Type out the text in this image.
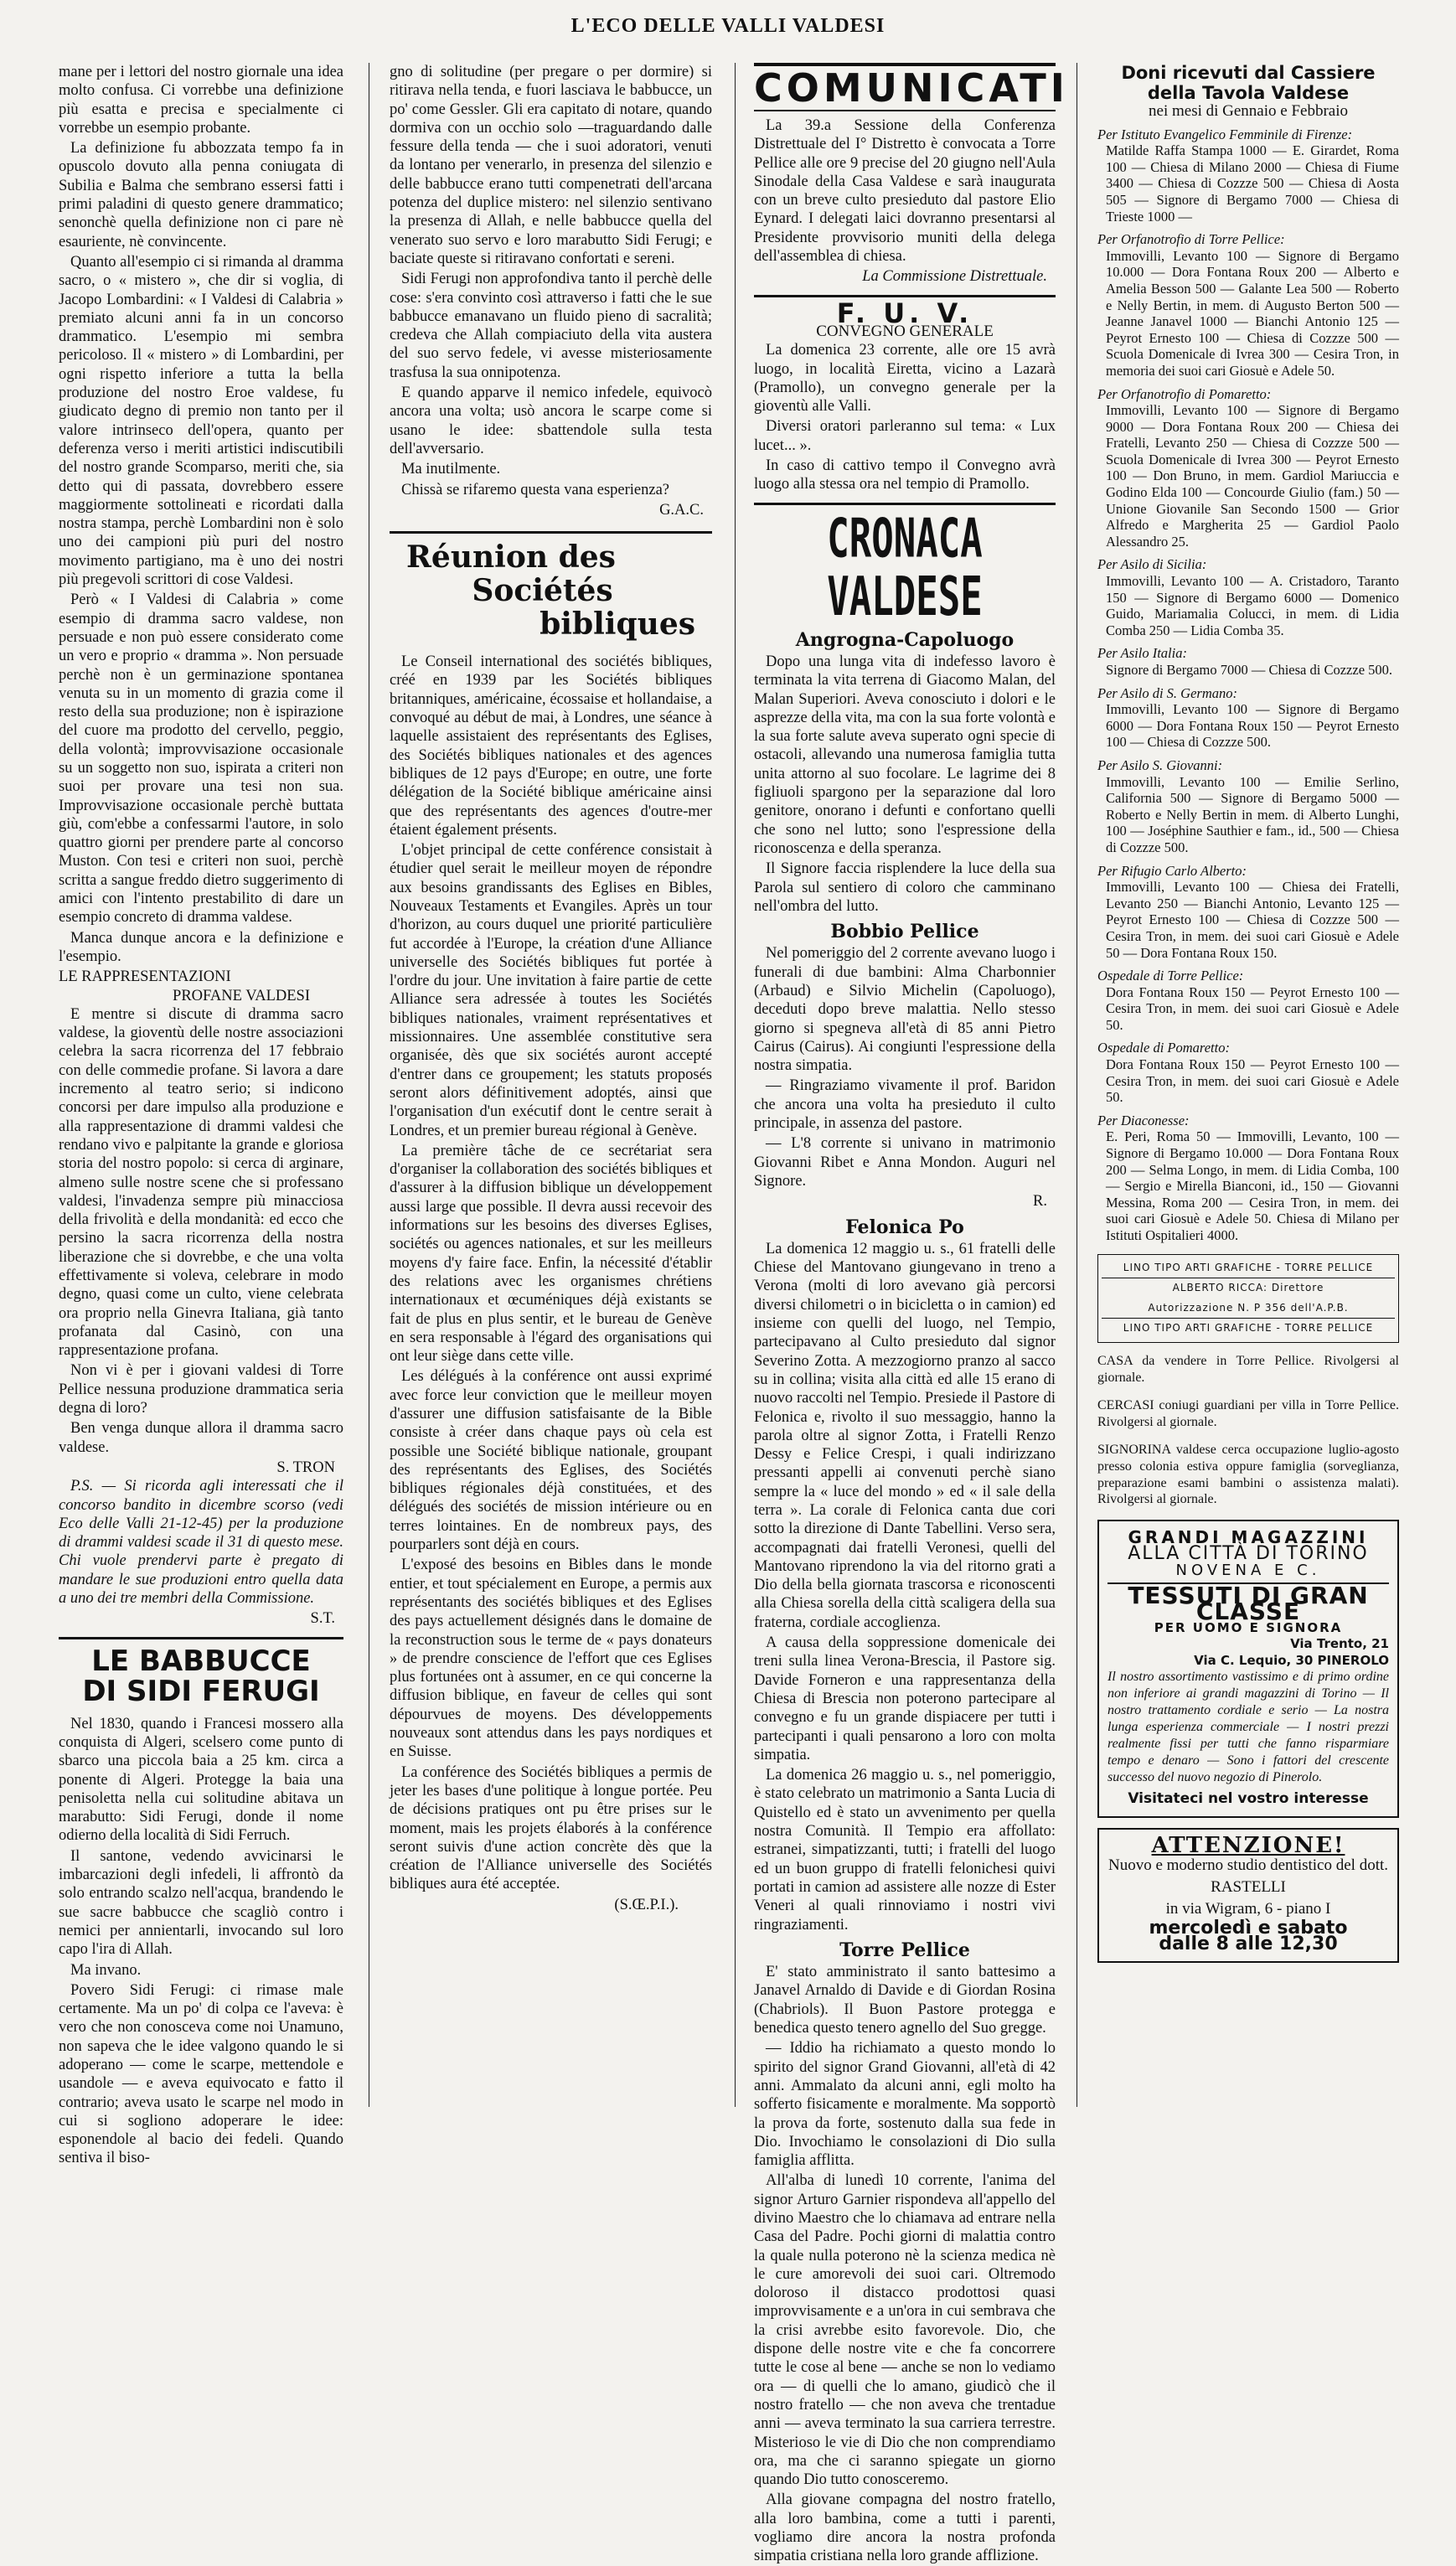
L'ECO DELLE VALLI VALDESI

mane per i lettori del nostro giornale una idea molto confusa. Ci vorrebbe una definizione più esatta e precisa e specialmente ci vorrebbe un esempio probante.

La definizione fu abbozzata tempo fa in opuscolo dovuto alla penna coniugata di Subilia e Balma che sembrano essersi fatti i primi paladini di questo genere drammatico; senonchè quella definizione non ci pare nè esauriente, nè convincente.

Quanto all'esempio ci si rimanda al dramma sacro, o « mistero », che dir si voglia, di Jacopo Lombardini: « I Valdesi di Calabria » premiato alcuni anni fa in un concorso drammatico. L'esempio mi sembra pericoloso. Il « mistero » di Lombardini, per ogni rispetto inferiore a tutta la bella produzione del nostro Eroe valdese, fu giudicato degno di premio non tanto per il valore intrinseco dell'opera, quanto per deferenza verso i meriti artistici indiscutibili del nostro grande Scomparso, meriti che, sia detto qui di passata, dovrebbero essere maggiormente sottolineati e ricordati dalla nostra stampa, perchè Lombardini non è solo uno dei campioni più puri del nostro movimento partigiano, ma è uno dei nostri più pregevoli scrittori di cose Valdesi.

Però « I Valdesi di Calabria » come esempio di dramma sacro valdese, non persuade e non può essere considerato come un vero e proprio « dramma ». Non persuade perchè non è un germinazione spontanea venuta su in un momento di grazia come il resto della sua produzione; non è ispirazione del cuore ma prodotto del cervello, peggio, della volontà; improvvisazione occasionale su un soggetto non suo, ispirata a criteri non suoi per provare una tesi non sua. Improvvisazione occasionale perchè buttata giù, com'ebbe a confessarmi l'autore, in solo quattro giorni per prendere parte al concorso Muston. Con tesi e criteri non suoi, perchè scritta a sangue freddo dietro suggerimento di amici con l'intento prestabilito di dare un esempio concreto di dramma valdese.

Manca dunque ancora e la definizione e l'esempio.

LE RAPPRESENTAZIONI
PROFANE VALDESI

E mentre si discute di dramma sacro valdese, la gioventù delle nostre associazioni celebra la sacra ricorrenza del 17 febbraio con delle commedie profane. Si lavora a dare incremento al teatro serio; si indicono concorsi per dare impulso alla produzione e alla rappresentazione di drammi valdesi che rendano vivo e palpitante la grande e gloriosa storia del nostro popolo: si cerca di arginare, almeno sulle nostre scene che si professano valdesi, l'invadenza sempre più minacciosa della frivolità e della mondanità: ed ecco che persino la sacra ricorrenza della nostra liberazione che si dovrebbe, e che una volta effettivamente si voleva, celebrare in modo degno, quasi come un culto, viene celebrata ora proprio nella Ginevra Italiana, già tanto profanata dal Casinò, con una rappresentazione profana.

Non vi è per i giovani valdesi di Torre Pellice nessuna produzione drammatica seria degna di loro?

Ben venga dunque allora il dramma sacro valdese.

S. TRON

P.S. — Si ricorda agli interessati che il concorso bandito in dicembre scorso (vedi Eco delle Valli 21-12-45) per la produzione di drammi valdesi scade il 31 di questo mese. Chi vuole prendervi parte è pregato di mandare le sue produzioni entro quella data a uno dei tre membri della Commissione.

S.T.
LE BABBUCCE
DI SIDI FERUGI

Nel 1830, quando i Francesi mossero alla conquista di Algeri, scelsero come punto di sbarco una piccola baia a 25 km. circa a ponente di Algeri. Protegge la baia una penisoletta nella cui solitudine abitava un marabutto: Sidi Ferugi, donde il nome odierno della località di Sidi Ferruch.

Il santone, vedendo avvicinarsi le imbarcazioni degli infedeli, li affrontò da solo entrando scalzo nell'acqua, brandendo le sue sacre babbucce che scagliò contro i nemici per annientarli, invocando sul loro capo l'ira di Allah.

Ma invano.

Povero Sidi Ferugi: ci rimase male certamente. Ma un po' di colpa ce l'aveva: è vero che non conosceva come noi Unamuno, non sapeva che le idee valgono quando le si adoperano — come le scarpe, mettendole e usandole — e aveva equivocato e fatto il contrario; aveva usato le scarpe nel modo in cui si sogliono adoperare le idee: esponendole al bacio dei fedeli. Quando sentiva il biso-

gno di solitudine (per pregare o per dormire) si ritirava nella tenda, e fuori lasciava le babbucce, un po' come Gessler. Gli era capitato di notare, quando dormiva con un occhio solo —traguardando dalle fessure della tenda — che i suoi adoratori, venuti da lontano per venerarlo, in presenza del silenzio e delle babbucce erano tutti compenetrati dell'arcana potenza del duplice mistero: nel silenzio sentivano la presenza di Allah, e nelle babbucce quella del venerato suo servo e loro marabutto Sidi Ferugi; e baciate queste si ritiravano confortati e sereni.

Sidi Ferugi non approfondiva tanto il perchè delle cose: s'era convinto così attraverso i fatti che le sue babbucce emanavano un fluido pieno di sacralità; credeva che Allah compiaciuto della vita austera del suo servo fedele, vi avesse misteriosamente trasfusa la sua onnipotenza.

E quando apparve il nemico infedele, equivocò ancora una volta; usò ancora le scarpe come si usano le idee: sbattendole sulla testa dell'avversario.

Ma inutilmente.

Chissà se rifaremo questa vana esperienza?

G.A.C.
Réunion des
Sociétés
bibliques

Le Conseil international des sociétés bibliques, créé en 1939 par les Sociétés bibliques britanniques, américaine, écossaise et hollandaise, a convoqué au début de mai, à Londres, une séance à laquelle assistaient des représentants des Eglises, des Sociétés bibliques nationales et des agences bibliques de 12 pays d'Europe; en outre, une forte délégation de la Société biblique américaine ainsi que des représentants des agences d'outre-mer étaient également présents.

L'objet principal de cette conférence consistait à étudier quel serait le meilleur moyen de répondre aux besoins grandissants des Eglises en Bibles, Nouveaux Testaments et Evangiles. Après un tour d'horizon, au cours duquel une priorité particulière fut accordée à l'Europe, la création d'une Alliance universelle des Sociétés bibliques fut portée à l'ordre du jour. Une invitation à faire partie de cette Alliance sera adressée à toutes les Sociétés bibliques nationales, vraiment représentatives et missionnaires. Une assemblée constitutive sera organisée, dès que six sociétés auront accepté d'entrer dans ce groupement; les statuts proposés seront alors définitivement adoptés, ainsi que l'organisation d'un exécutif dont le centre serait à Londres, et un premier bureau régional à Genève.

La première tâche de ce secrétariat sera d'organiser la collaboration des sociétés bibliques et d'assurer à la diffusion biblique un développement aussi large que possible. Il devra aussi recevoir des informations sur les besoins des diverses Eglises, sociétés ou agences nationales, et sur les meilleurs moyens d'y faire face. Enfin, la nécessité d'établir des relations avec les organismes chrétiens internationaux et œcuméniques déjà existants se fait de plus en plus sentir, et le bureau de Genève en sera responsable à l'égard des organisations qui ont leur siège dans cette ville.

Les délégués à la conférence ont aussi exprimé avec force leur conviction que le meilleur moyen d'assurer une diffusion satisfaisante de la Bible consiste à créer dans chaque pays où cela est possible une Société biblique nationale, groupant des représentants des Eglises, des Sociétés bibliques régionales déjà constituées, et des délégués des sociétés de mission intérieure ou en terres lointaines. En de nombreux pays, des pourparlers sont déjà en cours.

L'exposé des besoins en Bibles dans le monde entier, et tout spécialement en Europe, a permis aux représentants des sociétés bibliques et des Eglises des pays actuellement désignés dans le domaine de la reconstruction sous le terme de « pays donateurs » de prendre conscience de l'effort que ces Eglises plus fortunées ont à assumer, en ce qui concerne la diffusion biblique, en faveur de celles qui sont dépourvues de moyens. Des développements nouveaux sont attendus dans les pays nordiques et en Suisse.

La conférence des Sociétés bibliques a permis de jeter les bases d'une politique à longue portée. Peu de décisions pratiques ont pu être prises sur le moment, mais les projets élaborés à la conférence seront suivis d'une action concrète dès que la création de l'Alliance universelle des Sociétés bibliques aura été acceptée.

(S.Œ.P.I.).
COMUNICATI

La 39.a Sessione della Conferenza Distrettuale del I° Distretto è convocata a Torre Pellice alle ore 9 precise del 20 giugno nell'Aula Sinodale della Casa Valdese e sarà inaugurata con un breve culto presieduto dal pastore Elio Eynard. I delegati laici dovranno presentarsi al Presidente provvisorio muniti della delega dell'assemblea di chiesa.

La Commissione Distrettuale.
F. U. V.
CONVEGNO GENERALE

La domenica 23 corrente, alle ore 15 avrà luogo, in località Eiretta, vicino a Lazarà (Pramollo), un convegno generale per la gioventù alle Valli.

Diversi oratori parleranno sul tema: « Lux lucet... ».

In caso di cattivo tempo il Convegno avrà luogo alla stessa ora nel tempio di Pramollo.

CRONACA VALDESE
Angrogna-Capoluogo

Dopo una lunga vita di indefesso lavoro è terminata la vita terrena di Giacomo Malan, del Malan Superiori. Aveva conosciuto i dolori e le asprezze della vita, ma con la sua forte volontà e la sua forte salute aveva superato ogni specie di ostacoli, allevando una numerosa famiglia tutta unita attorno al suo focolare. Le lagrime dei 8 figliuoli spargono per la separazione dal loro genitore, onorano i defunti e confortano quelli che sono nel lutto; sono l'espressione della riconoscenza e della speranza.

Il Signore faccia risplendere la luce della sua Parola sul sentiero di coloro che camminano nell'ombra del lutto.

Bobbio Pellice

Nel pomeriggio del 2 corrente avevano luogo i funerali di due bambini: Alma Charbonnier (Arbaud) e Silvio Michelin (Capoluogo), deceduti dopo breve malattia. Nello stesso giorno si spegneva all'età di 85 anni Pietro Cairus (Cairus). Ai congiunti l'espressione della nostra simpatia.

— Ringraziamo vivamente il prof. Baridon che ancora una volta ha presieduto il culto principale, in assenza del pastore.

— L'8 corrente si univano in matrimonio Giovanni Ribet e Anna Mondon. Auguri nel Signore.

R.
Felonica Po

La domenica 12 maggio u. s., 61 fratelli delle Chiese del Mantovano giungevano in treno a Verona (molti di loro avevano già percorsi diversi chilometri o in bicicletta o in camion) ed insieme con quelli del luogo, nel Tempio, partecipavano al Culto presieduto dal signor Severino Zotta. A mezzogiorno pranzo al sacco su in collina; visita alla città ed alle 15 erano di nuovo raccolti nel Tempio. Presiede il Pastore di Felonica e, rivolto il suo messaggio, hanno la parola oltre al signor Zotta, i Fratelli Renzo Dessy e Felice Crespi, i quali indirizzano pressanti appelli ai convenuti perchè siano sempre la « luce del mondo » ed « il sale della terra ». La corale di Felonica canta due cori sotto la direzione di Dante Tabellini. Verso sera, accompagnati dai fratelli Veronesi, quelli del Mantovano riprendono la via del ritorno grati a Dio della bella giornata trascorsa e riconoscenti alla Chiesa sorella della città scaligera della sua fraterna, cordiale accoglienza.

A causa della soppressione domenicale dei treni sulla linea Verona-Brescia, il Pastore sig. Davide Forneron e una rappresentanza della Chiesa di Brescia non poterono partecipare al convegno e fu un grande dispiacere per tutti i partecipanti i quali pensarono a loro con molta simpatia.

La domenica 26 maggio u. s., nel pomeriggio, è stato celebrato un matrimonio a Santa Lucia di Quistello ed è stato un avvenimento per quella nostra Comunità. Il Tempio era affollato: estranei, simpatizzanti, tutti; i fratelli del luogo ed un buon gruppo di fratelli felonichesi quivi portati in camion ad assistere alle nozze di Ester Veneri al quali rinnoviamo i nostri vivi ringraziamenti.

Torre Pellice

E' stato amministrato il santo battesimo a Janavel Arnaldo di Davide e di Giordan Rosina (Chabriols). Il Buon Pastore protegga e benedica questo tenero agnello del Suo gregge.

— Iddio ha richiamato a questo mondo lo spirito del signor Grand Giovanni, all'età di 42 anni. Ammalato da alcuni anni, egli molto ha sofferto fisicamente e moralmente. Ma sopportò la prova da forte, sostenuto dalla sua fede in Dio. Invochiamo le consolazioni di Dio sulla famiglia afflitta.

All'alba di lunedì 10 corrente, l'anima del signor Arturo Garnier rispondeva all'appello del divino Maestro che lo chiamava ad entrare nella Casa del Padre. Pochi giorni di malattia contro la quale nulla poterono nè la scienza medica nè le cure amorevoli dei suoi cari. Oltremodo doloroso il distacco prodottosi quasi improvvisamente e a un'ora in cui sembrava che la crisi avrebbe esito favorevole. Dio, che dispone delle nostre vite e che fa concorrere tutte le cose al bene — anche se non lo vediamo ora — di quelli che lo amano, giudicò che il nostro fratello — che non aveva che trentadue anni — aveva terminato la sua carriera terrestre. Misterioso le vie di Dio che non comprendiamo ora, ma che ci saranno spiegate un giorno quando Dio tutto conosceremo.

Alla giovane compagna del nostro fratello, alla loro bambina, come a tutti i parenti, vogliamo dire ancora la nostra profonda simpatia cristiana nella loro grande afflizione.

Doni ricevuti dal Cassiere
della Tavola Valdese
nei mesi di Gennaio e Febbraio
Per Istituto Evangelico Femminile di Firenze:
Matilde Raffa Stampa 1000 — E. Girardet, Roma 100 — Chiesa di Milano 2000 — Chiesa di Fiume 3400 — Chiesa di Cozzze 500 — Chiesa di Aosta 505 — Signore di Bergamo 7000 — Chiesa di Trieste 1000 —
Per Orfanotrofio di Torre Pellice:
Immovilli, Levanto 100 — Signore di Bergamo 10.000 — Dora Fontana Roux 200 — Alberto e Amelia Besson 500 — Galante Lea 500 — Roberto e Nelly Bertin, in mem. di Augusto Berton 500 — Jeanne Janavel 1000 — Bianchi Antonio 125 — Peyrot Ernesto 100 — Chiesa di Cozzze 500 — Scuola Domenicale di Ivrea 300 — Cesira Tron, in memoria dei suoi cari Giosuè e Adele 50.
Per Orfanotrofio di Pomaretto:
Immovilli, Levanto 100 — Signore di Bergamo 9000 — Dora Fontana Roux 200 — Chiesa dei Fratelli, Levanto 250 — Chiesa di Cozzze 500 — Scuola Domenicale di Ivrea 300 — Peyrot Ernesto 100 — Don Bruno, in mem. Gardiol Mariuccia e Godino Elda 100 — Concourde Giulio (fam.) 50 — Unione Giovanile San Secondo 1500 — Grior Alfredo e Margherita 25 — Gardiol Paolo Alessandro 25.
Per Asilo di Sicilia:
Immovilli, Levanto 100 — A. Cristadoro, Taranto 150 — Signore di Bergamo 6000 — Domenico Guido, Mariamalia Colucci, in mem. di Lidia Comba 250 — Lidia Comba 35.
Per Asilo Italia:
Signore di Bergamo 7000 — Chiesa di Cozzze 500.
Per Asilo di S. Germano:
Immovilli, Levanto 100 — Signore di Bergamo 6000 — Dora Fontana Roux 150 — Peyrot Ernesto 100 — Chiesa di Cozzze 500.
Per Asilo S. Giovanni:
Immovilli, Levanto 100 — Emilie Serlino, California 500 — Signore di Bergamo 5000 — Roberto e Nelly Bertin in mem. di Alberto Lunghi, 100 — Joséphine Sauthier e fam., id., 500 — Chiesa di Cozzze 500.
Per Rifugio Carlo Alberto:
Immovilli, Levanto 100 — Chiesa dei Fratelli, Levanto 250 — Bianchi Antonio, Levanto 125 — Peyrot Ernesto 100 — Chiesa di Cozzze 500 — Cesira Tron, in mem. dei suoi cari Giosuè e Adele 50 — Dora Fontana Roux 150.
Ospedale di Torre Pellice:
Dora Fontana Roux 150 — Peyrot Ernesto 100 — Cesira Tron, in mem. dei suoi cari Giosuè e Adele 50.
Ospedale di Pomaretto:
Dora Fontana Roux 150 — Peyrot Ernesto 100 — Cesira Tron, in mem. dei suoi cari Giosuè e Adele 50.
Per Diaconesse:
E. Peri, Roma 50 — Immovilli, Levanto, 100 — Signore di Bergamo 10.000 — Dora Fontana Roux 200 — Selma Longo, in mem. di Lidia Comba, 100 — Sergio e Mirella Bianconi, id., 150 — Giovanni Messina, Roma 200 — Cesira Tron, in mem. dei suoi cari Giosuè e Adele 50. Chiesa di Milano per Istituti Ospitalieri 4000.
LINO TIPO ARTI GRAFICHE - TORRE PELLICE
ALBERTO RICCA: Direttore
Autorizzazione N. P 356 dell'A.P.B.
LINO TIPO ARTI GRAFICHE - TORRE PELLICE

CASA da vendere in Torre Pellice. Rivolgersi al giornale.

CERCASI coniugi guardiani per villa in Torre Pellice. Rivolgersi al giornale.

SIGNORINA valdese cerca occupazione luglio-agosto presso colonia estiva oppure famiglia (sorveglianza, preparazione esami bambini o assistenza malati). Rivolgersi al giornale.

GRANDI MAGAZZINI
ALLA CITTÀ DI TORINO
NOVENA E C.
TESSUTI DI GRAN CLASSE
PER UOMO E SIGNORA
Via Trento, 21
Via C. Lequio, 30 PINEROLO
Il nostro assortimento vastissimo e di primo ordine non inferiore ai grandi magazzini di Torino — Il nostro trattamento cordiale e serio — La nostra lunga esperienza commerciale — I nostri prezzi realmente fissi per tutti che fanno risparmiare tempo e denaro — Sono i fattori del crescente successo del nuovo negozio di Pinerolo.
Visitateci nel vostro interesse
ATTENZIONE!
Nuovo e moderno studio dentistico del dott. RASTELLI
in via Wigram, 6 - piano I
mercoledì e sabato
dalle 8 alle 12,30
